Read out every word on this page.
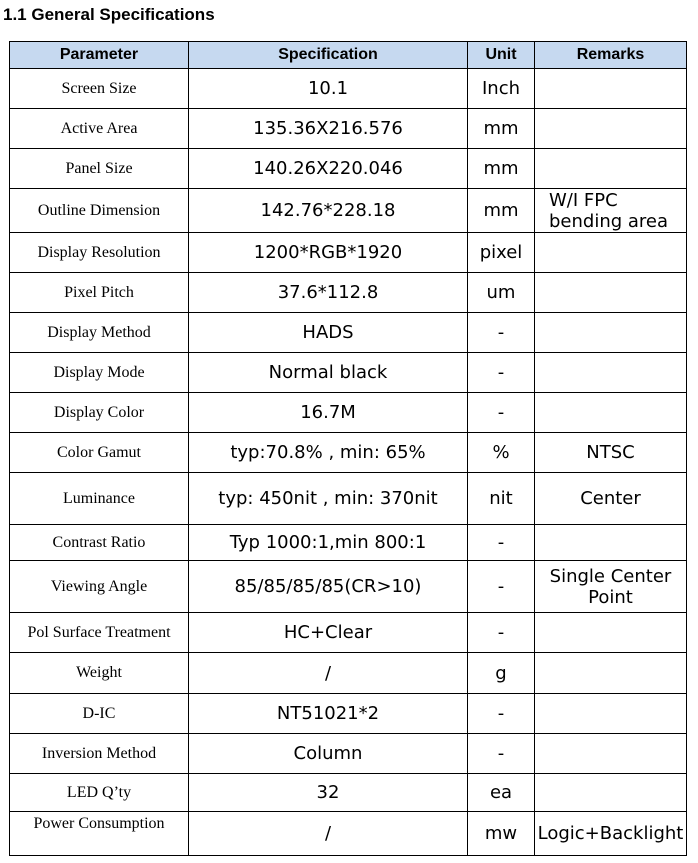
1.1 General Specifications
Parameter	Specification	Unit	Remarks
Screen Size	10.1	Inch	
Active Area	135.36X216.576	mm	
Panel Size	140.26X220.046	mm	
Outline Dimension	142.76*228.18	mm	W/I FPC bending area
Display Resolution	1200*RGB*1920	pixel	
Pixel Pitch	37.6*112.8	um	
Display Method	HADS	-	
Display Mode	Normal black	-	
Display Color	16.7M	-	
Color Gamut	typ:70.8% , min: 65%	%	NTSC
Luminance	typ: 450nit , min: 370nit	nit	Center
Contrast Ratio	Typ 1000:1,min 800:1	-	
Viewing Angle	85/85/85/85(CR>10)	-	Single Center Point
Pol Surface Treatment	HC+Clear	-	
Weight	/	g	
D-IC	NT51021*2	-	
Inversion Method	Column	-	
LED Q’ty	32	ea	
Power Consumption	/	mw	Logic+Backlight
